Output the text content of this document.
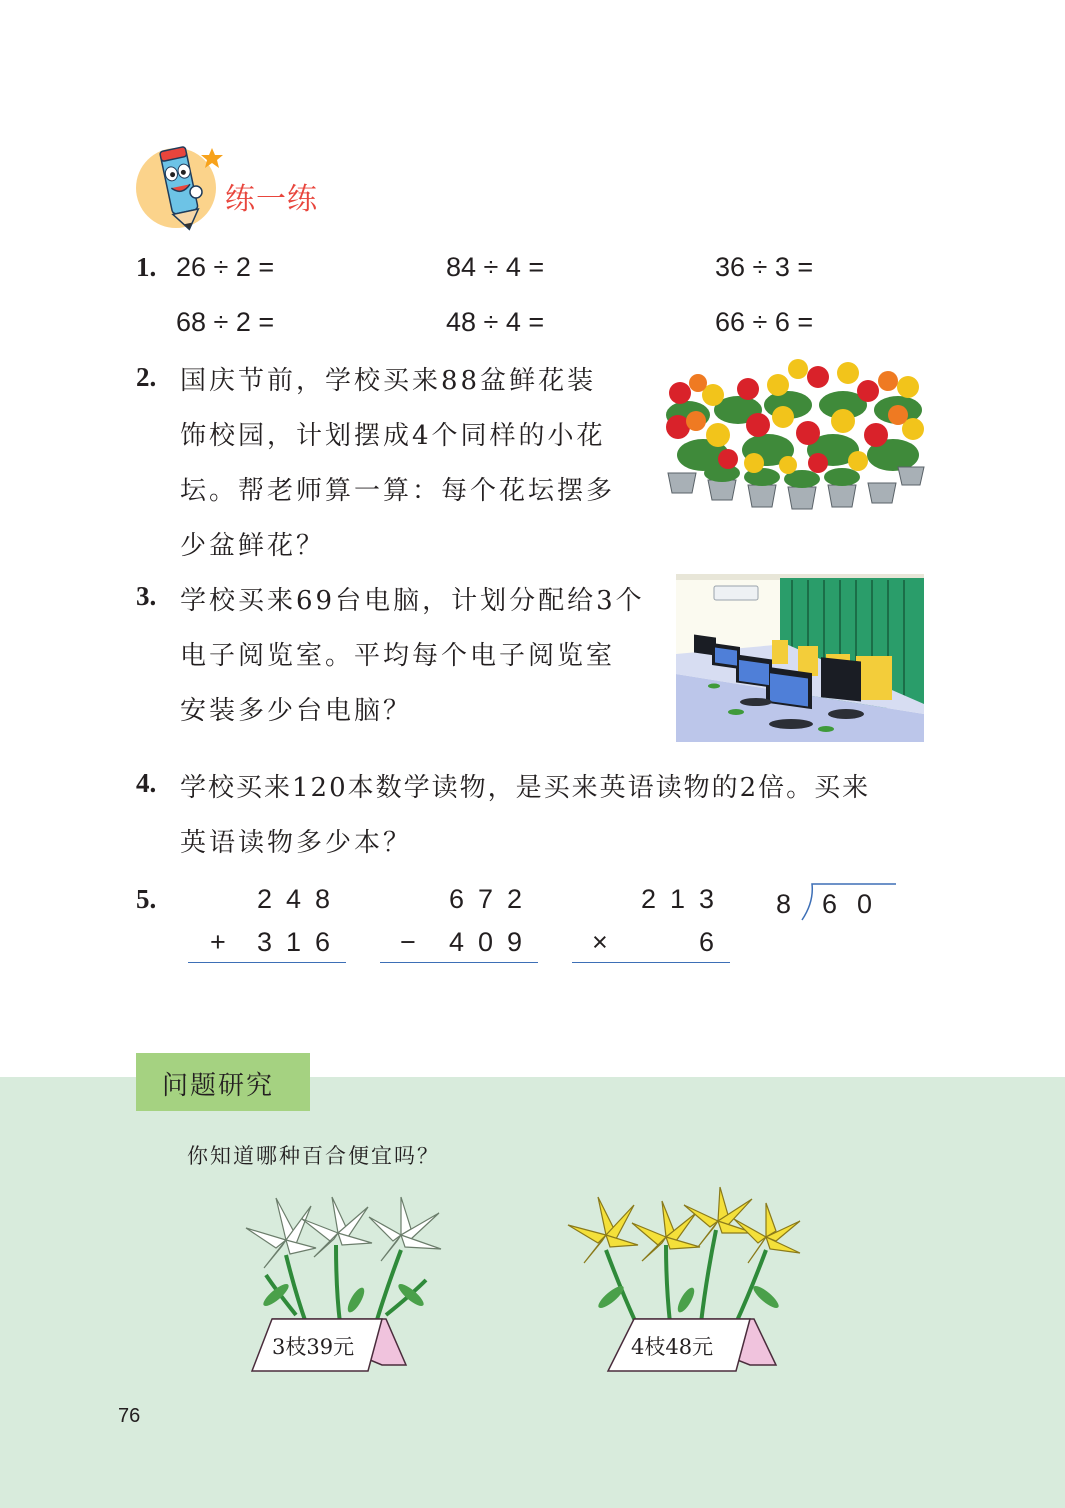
练一练
1. 26 ÷ 2 =	84 ÷ 4 =	36 ÷ 3 =
68 ÷ 2 =	48 ÷ 4 =	66 ÷ 6 =
2. 国庆节前，学校买来88盆鲜花装
饰校园，计划摆成4个同样的小花
坛。帮老师算一算：每个花坛摆多
少盆鲜花？
3. 学校买来69台电脑，计划分配给3个
电子阅览室。平均每个电子阅览室
安装多少台电脑？
4. 学校买来120本数学读物，是买来英语读物的2倍。买来
英语读物多少本？
5.	248
+	316
672
−	409
213
×	6
8 60
问题研究
你知道哪种百合便宜吗？
3枝39元	4枝48元
76
